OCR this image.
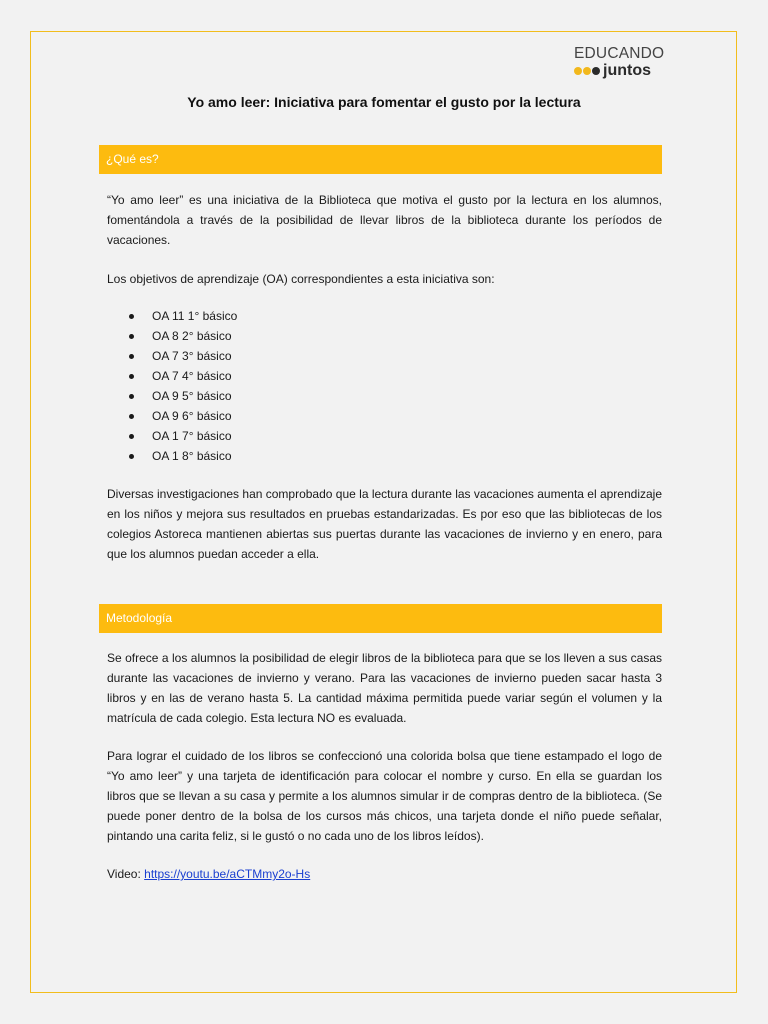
EDUCANDO
juntos
Yo amo leer: Iniciativa para fomentar el gusto por la lectura
¿Qué es?

“Yo amo leer” es una iniciativa de la Biblioteca que motiva el gusto por la lectura en los alumnos, fomentándola a través de la posibilidad de llevar libros de la biblioteca durante los períodos de vacaciones.

Los objetivos de aprendizaje (OA) correspondientes a esta iniciativa son:

OA 11 1° básico
OA 8 2° básico
OA 7 3° básico
OA 7 4° básico
OA 9 5° básico
OA 9 6° básico
OA 1 7° básico
OA 1 8° básico

Diversas investigaciones han comprobado que la lectura durante las vacaciones aumenta el aprendizaje en los niños y mejora sus resultados en pruebas estandarizadas. Es por eso que las bibliotecas de los colegios Astoreca mantienen abiertas sus puertas durante las vacaciones de invierno y en enero, para que los alumnos puedan acceder a ella.

Metodología

Se ofrece a los alumnos la posibilidad de elegir libros de la biblioteca para que se los lleven a sus casas durante las vacaciones de invierno y verano. Para las vacaciones de invierno pueden sacar hasta 3 libros y en las de verano hasta 5. La cantidad máxima permitida puede variar según el volumen y la matrícula de cada colegio. Esta lectura NO es evaluada.

Para lograr el cuidado de los libros se confeccionó una colorida bolsa que tiene estampado el logo de “Yo amo leer” y una tarjeta de identificación para colocar el nombre y curso. En ella se guardan los libros que se llevan a su casa y permite a los alumnos simular ir de compras dentro de la biblioteca. (Se puede poner dentro de la bolsa de los cursos más chicos, una tarjeta donde el niño puede señalar, pintando una carita feliz, si le gustó o no cada uno de los libros leídos).

Video: https://youtu.be/aCTMmy2o-Hs
